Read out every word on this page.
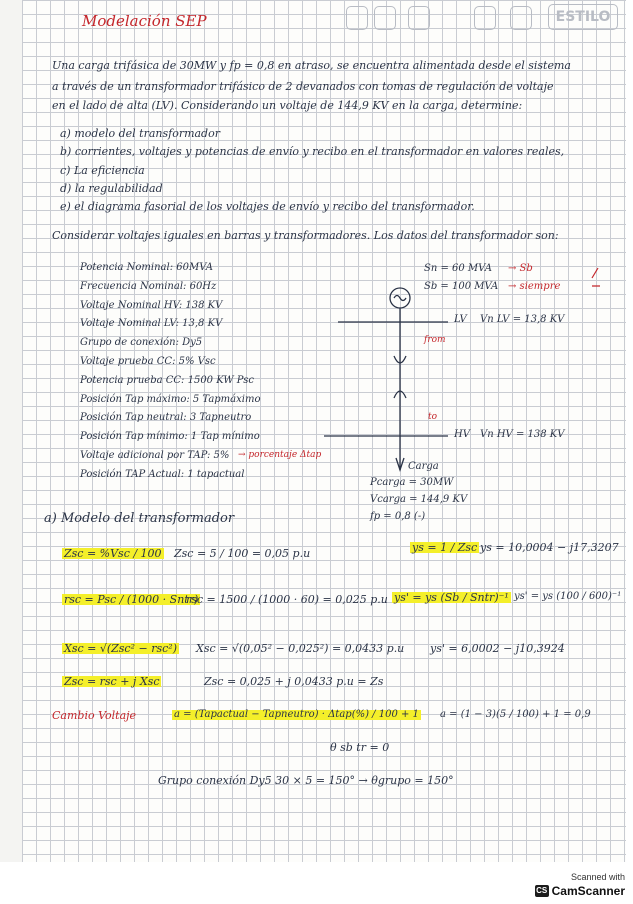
ESTILO
Modelación SEP
Una carga trifásica de 30MW y fp = 0,8 en atraso, se encuentra alimentada desde el sistema
a través de un transformador trifásico de 2 devanados con tomas de regulación de voltaje
en el lado de alta (LV). Considerando un voltaje de 144,9 KV en la carga, determine:
a) modelo del transformador
b) corrientes, voltajes y potencias de envío y recibo en el transformador en valores reales,
c) La eficiencia
d) la regulabilidad
e) el diagrama fasorial de los voltajes de envío y recibo del transformador.
Considerar voltajes iguales en barras y transformadores. Los datos del transformador son:
Potencia Nominal: 60MVA
Frecuencia Nominal: 60Hz
Voltaje Nominal HV: 138 KV
Voltaje Nominal LV: 13,8 KV
Grupo de conexión: Dy5
Voltaje prueba CC: 5% Vsc
Potencia prueba CC: 1500 KW Psc
Posición Tap máximo: 5 Tapmáximo
Posición Tap neutral: 3 Tapneutro
Posición Tap mínimo: 1 Tap mínimo
Voltaje adicional por TAP: 5% → porcentaje Δtap
Posición TAP Actual: 1 tapactual
Sn = 60 MVA → Sb
Sb = 100 MVA → siempre
LV Vn LV = 13,8 KV
from
to
HV Vn HV = 138 KV
Carga
Pcarga = 30MW
Vcarga = 144,9 KV
fp = 0,8 (-)
a) Modelo del transformador
Zsc = %Vsc / 100 Zsc = 5 / 100 = 0,05 p.u	ys = 1 / Zsc ys = 10,0004 − j17,3207
rsc = Psc / (1000 · Sntr)
rsc = 1500 / (1000 · 60) = 0,025 p.u ys' = ys (Sb / Sntr)⁻¹ ys' = ys (100 / 600)⁻¹
Xsc = √(Zsc² − rsc²) Xsc = √(0,05² − 0,025²) = 0,0433 p.u ys' = 6,0002 − j10,3924
Zsc = rsc + j Xsc	Zsc = 0,025 + j 0,0433 p.u = Zs
Cambio Voltaje	a = (Tapactual − Tapneutro) · Δtap(%) / 100 + 1 a = (1 − 3)(5 / 100) + 1 = 0,9
θ sb tr = 0
Grupo conexión Dy5 30 × 5 = 150° → θgrupo = 150°
Scanned with
CS CamScanner
